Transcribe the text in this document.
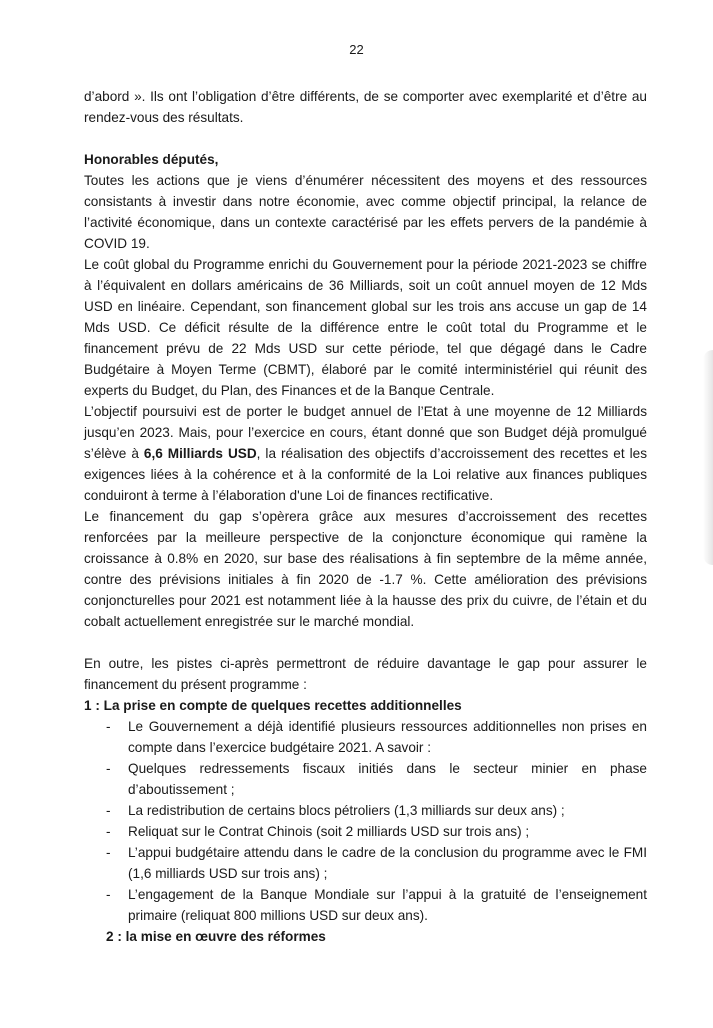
22

d’abord ». Ils ont l’obligation d’être différents, de se comporter avec exemplarité et d’être au rendez-vous des résultats.

Honorables députés,

Toutes les actions que je viens d’énumérer nécessitent des moyens et des ressources consistants à investir dans notre économie, avec comme objectif principal, la relance de l’activité économique, dans un contexte caractérisé par les effets pervers de la pandémie à COVID 19.

Le coût global du Programme enrichi du Gouvernement pour la période 2021-2023 se chiffre à l’équivalent en dollars américains de 36 Milliards, soit un coût annuel moyen de 12 Mds USD en linéaire. Cependant, son financement global sur les trois ans accuse un gap de 14 Mds USD. Ce déficit résulte de la différence entre le coût total du Programme et le financement prévu de 22 Mds USD sur cette période, tel que dégagé dans le Cadre Budgétaire à Moyen Terme (CBMT), élaboré par le comité interministériel qui réunit des experts du Budget, du Plan, des Finances et de la Banque Centrale.

L’objectif poursuivi est de porter le budget annuel de l’Etat à une moyenne de 12 Milliards jusqu’en 2023. Mais, pour l’exercice en cours, étant donné que son Budget déjà promulgué s’élève à 6,6 Milliards USD, la réalisation des objectifs d’accroissement des recettes et les exigences liées à la cohérence et à la conformité de la Loi relative aux finances publiques conduiront à terme à l’élaboration d'une Loi de finances rectificative.

Le financement du gap s’opèrera grâce aux mesures d’accroissement des recettes renforcées par la meilleure perspective de la conjoncture économique qui ramène la croissance à 0.8% en 2020, sur base des réalisations à fin septembre de la même année, contre des prévisions initiales à fin 2020 de -1.7 %. Cette amélioration des prévisions conjoncturelles pour 2021 est notamment liée à la hausse des prix du cuivre, de l’étain et du cobalt actuellement enregistrée sur le marché mondial.

En outre, les pistes ci-après permettront de réduire davantage le gap pour assurer le financement du présent programme :

1 : La prise en compte de quelques recettes additionnelles

- Le Gouvernement a déjà identifié plusieurs ressources additionnelles non prises en compte dans l’exercice budgétaire 2021. A savoir :
- Quelques redressements fiscaux initiés dans le secteur minier en phase d’aboutissement ;
- La redistribution de certains blocs pétroliers (1,3 milliards sur deux ans) ;
- Reliquat sur le Contrat Chinois (soit 2 milliards USD sur trois ans) ;
- L’appui budgétaire attendu dans le cadre de la conclusion du programme avec le FMI (1,6 milliards USD sur trois ans) ;
- L’engagement de la Banque Mondiale sur l’appui à la gratuité de l’enseignement primaire (reliquat 800 millions USD sur deux ans).

2 : la mise en œuvre des réformes
